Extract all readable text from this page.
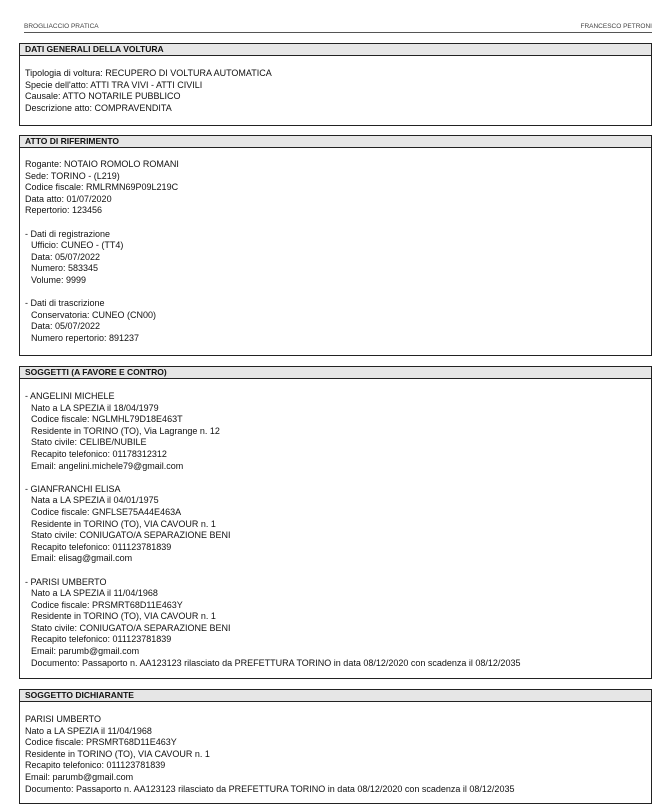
BROGLIACCIO PRATICA	FRANCESCO PETRONI
DATI GENERALI DELLA VOLTURA
Tipologia di voltura: RECUPERO DI VOLTURA AUTOMATICA
Specie dell'atto: ATTI TRA VIVI - ATTI CIVILI
Causale: ATTO NOTARILE PUBBLICO
Descrizione atto: COMPRAVENDITA
ATTO DI RIFERIMENTO
Rogante: NOTAIO ROMOLO ROMANI
Sede: TORINO - (L219)
Codice fiscale: RMLRMN69P09L219C
Data atto: 01/07/2020
Repertorio: 123456
- Dati di registrazione
Ufficio: CUNEO - (TT4)
Data: 05/07/2022
Numero: 583345
Volume: 9999
- Dati di trascrizione
Conservatoria: CUNEO (CN00)
Data: 05/07/2022
Numero repertorio: 891237
SOGGETTI (A FAVORE E CONTRO)
- ANGELINI MICHELE
Nato a LA SPEZIA il 18/04/1979
Codice fiscale: NGLMHL79D18E463T
Residente in TORINO (TO), Via Lagrange n. 12
Stato civile: CELIBE/NUBILE
Recapito telefonico: 01178312312
Email: angelini.michele79@gmail.com
- GIANFRANCHI ELISA
Nata a LA SPEZIA il 04/01/1975
Codice fiscale: GNFLSE75A44E463A
Residente in TORINO (TO), VIA CAVOUR n. 1
Stato civile: CONIUGATO/A SEPARAZIONE BENI
Recapito telefonico: 011123781839
Email: elisag@gmail.com
- PARISI UMBERTO
Nato a LA SPEZIA il 11/04/1968
Codice fiscale: PRSMRT68D11E463Y
Residente in TORINO (TO), VIA CAVOUR n. 1
Stato civile: CONIUGATO/A SEPARAZIONE BENI
Recapito telefonico: 011123781839
Email: parumb@gmail.com
Documento: Passaporto n. AA123123 rilasciato da PREFETTURA TORINO in data 08/12/2020 con scadenza il 08/12/2035
SOGGETTO DICHIARANTE
PARISI UMBERTO
Nato a LA SPEZIA il 11/04/1968
Codice fiscale: PRSMRT68D11E463Y
Residente in TORINO (TO), VIA CAVOUR n. 1
Recapito telefonico: 011123781839
Email: parumb@gmail.com
Documento: Passaporto n. AA123123 rilasciato da PREFETTURA TORINO in data 08/12/2020 con scadenza il 08/12/2035
